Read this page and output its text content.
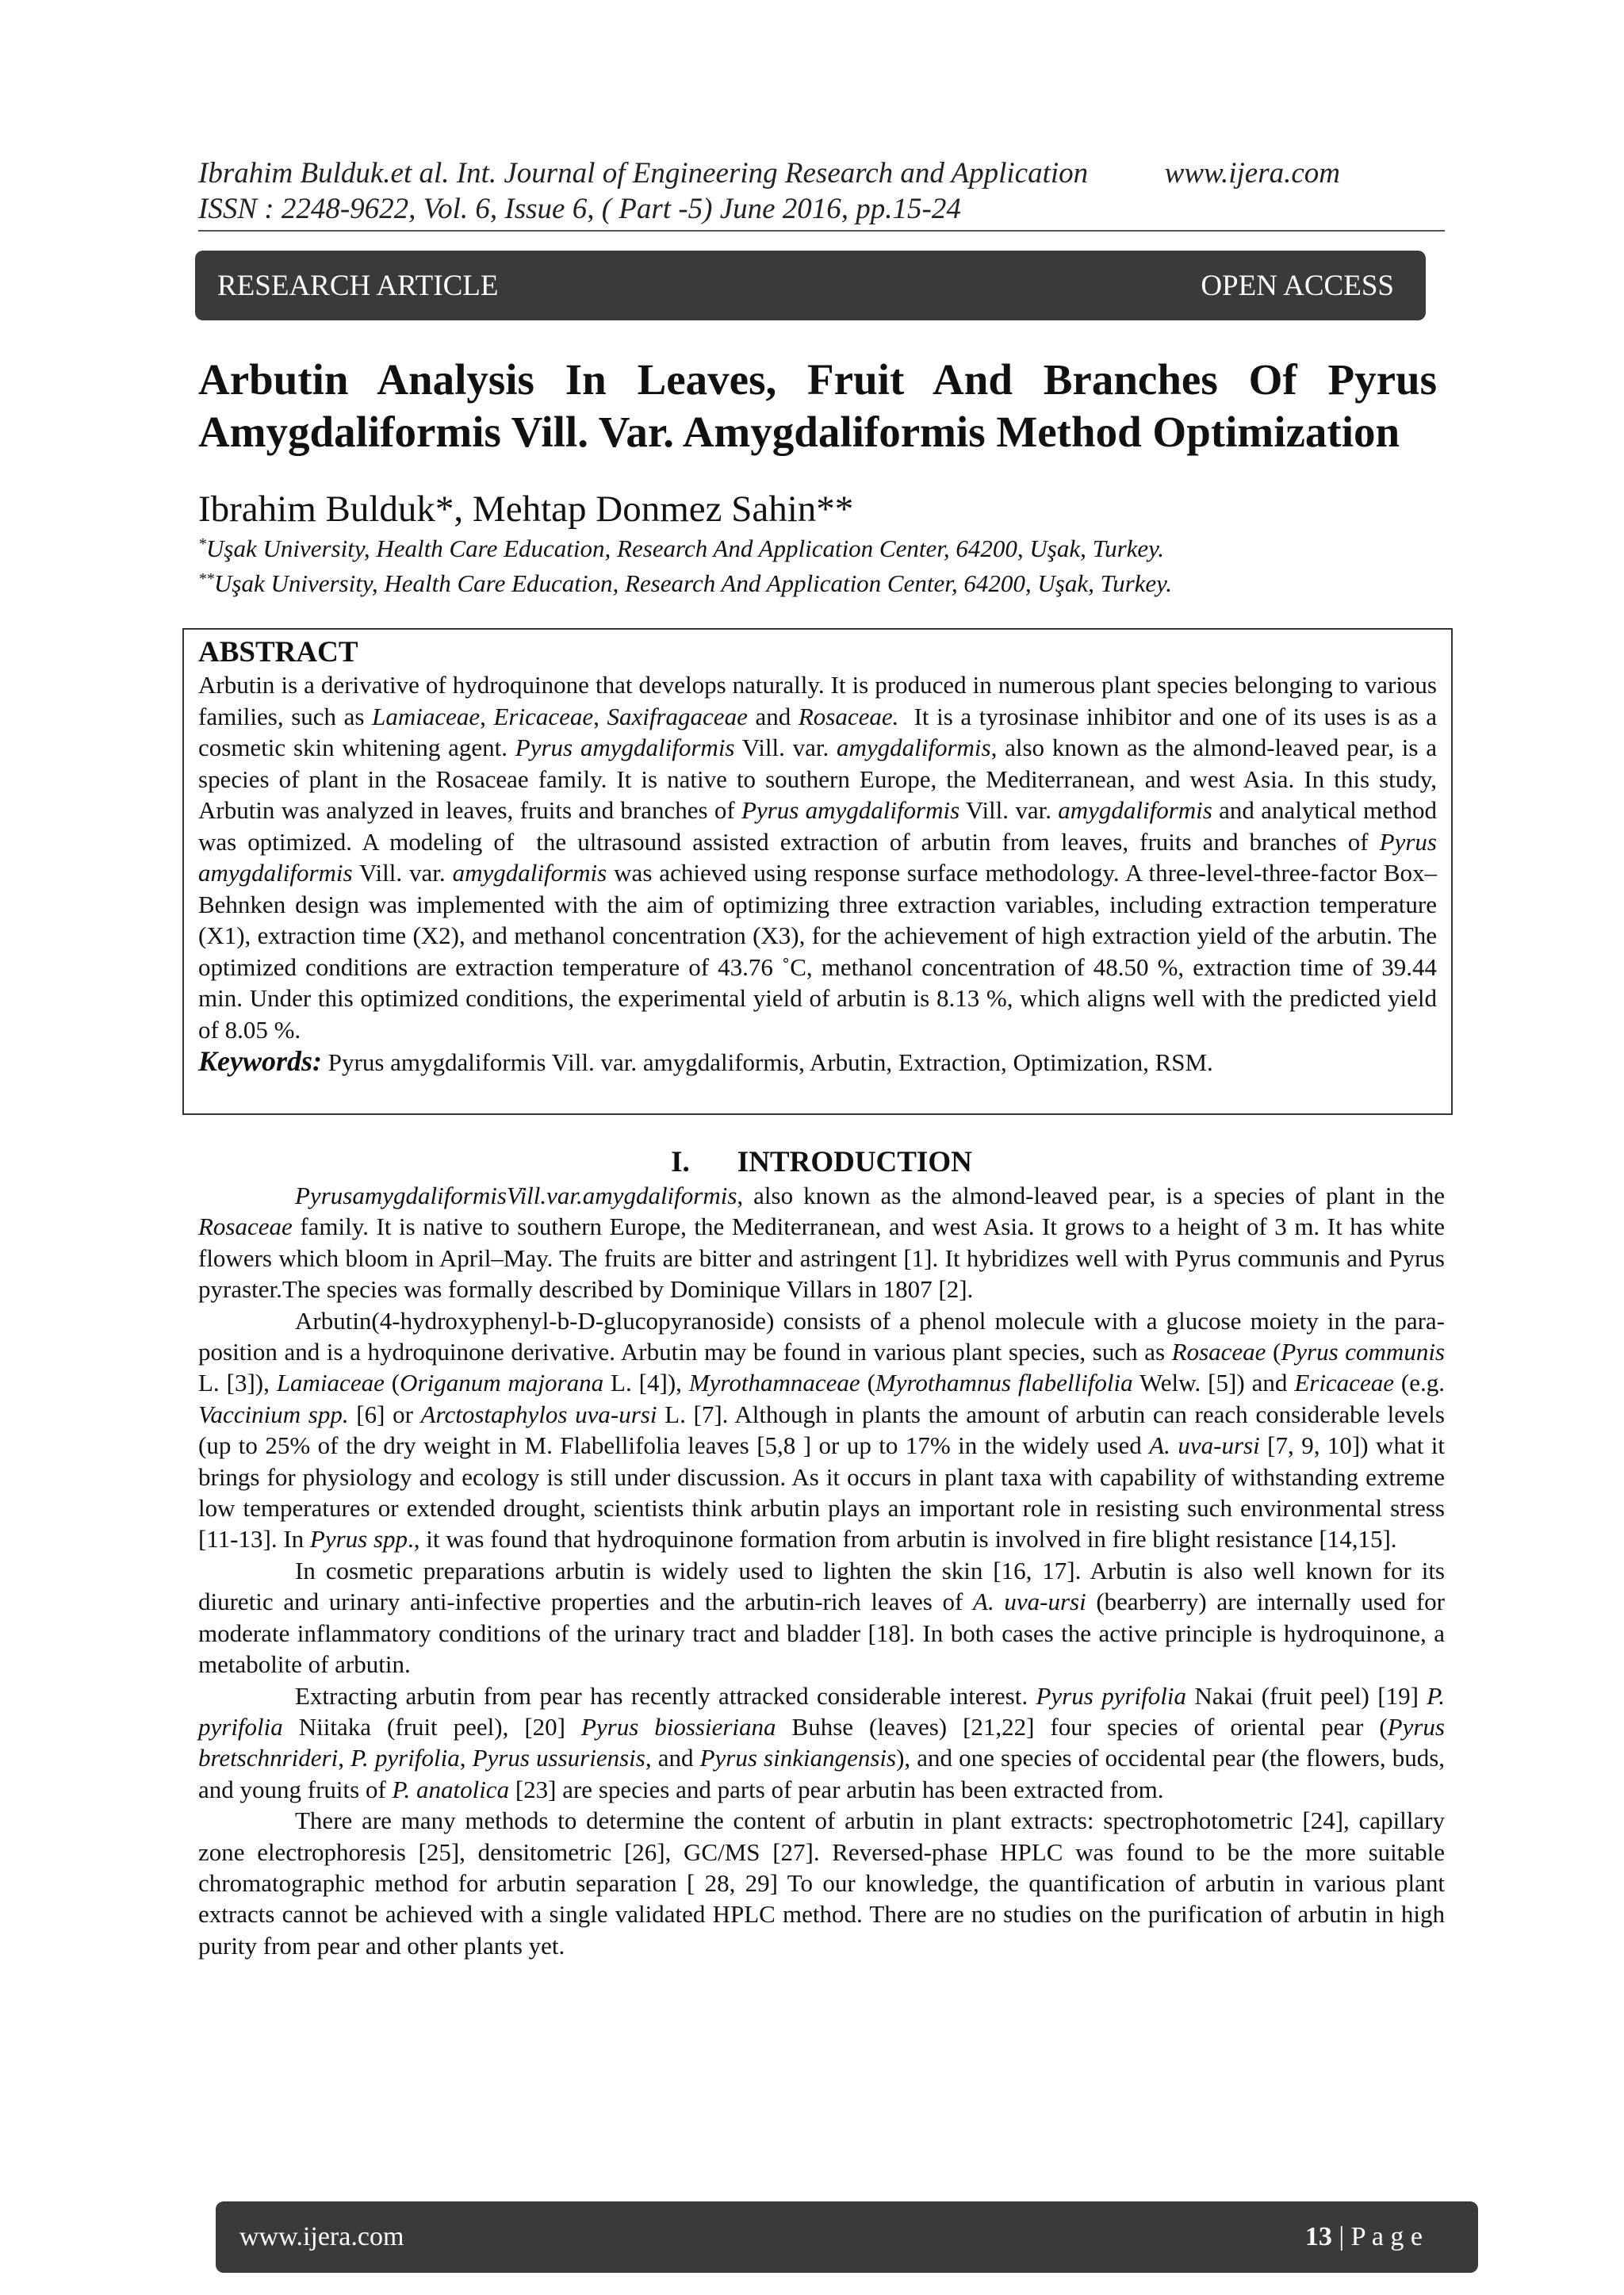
Ibrahim Bulduk.et al. Int. Journal of Engineering Research and Application	www.ijera.com
ISSN : 2248-9622, Vol. 6, Issue 6, ( Part -5) June 2016, pp.15-24
RESEARCH ARTICLE	OPEN ACCESS
Arbutin Analysis In Leaves, Fruit And Branches Of Pyrus
Amygdaliformis Vill. Var. Amygdaliformis Method Optimization
Ibrahim Bulduk*, Mehtap Donmez Sahin**
*Uşak University, Health Care Education, Research And Application Center, 64200, Uşak, Turkey.
**Uşak University, Health Care Education, Research And Application Center, 64200, Uşak, Turkey.
ABSTRACT
Arbutin is a derivative of hydroquinone that develops naturally. It is produced in numerous plant species belonging to various families, such as Lamiaceae, Ericaceae, Saxifragaceae and Rosaceae.  It is a tyrosinase inhibitor and one of its uses is as a cosmetic skin whitening agent. Pyrus amygdaliformis Vill. var. amygdaliformis, also known as the almond-leaved pear, is a species of plant in the Rosaceae family. It is native to southern Europe, the Mediterranean, and west Asia. In this study, Arbutin was analyzed in leaves, fruits and branches of Pyrus amygdaliformis Vill. var. amygdaliformis and analytical method was optimized. A modeling of  the ultrasound assisted extraction of arbutin from leaves, fruits and branches of Pyrus amygdaliformis Vill. var. amygdaliformis was achieved using response surface methodology. A three-level-three-factor Box–Behnken design was implemented with the aim of optimizing three extraction variables, including extraction temperature (X1), extraction time (X2), and methanol concentration (X3), for the achievement of high extraction yield of the arbutin. The optimized conditions are extraction temperature of 43.76 ˚C, methanol concentration of 48.50 %, extraction time of 39.44 min. Under this optimized conditions, the experimental yield of arbutin is 8.13 %, which aligns well with the predicted yield of 8.05 %.
Keywords: Pyrus amygdaliformis Vill. var. amygdaliformis, Arbutin, Extraction, Optimization, RSM.
I. INTRODUCTION

PyrusamygdaliformisVill.var.amygdaliformis, also known as the almond-leaved pear, is a species of plant in the Rosaceae family. It is native to southern Europe, the Mediterranean, and west Asia. It grows to a height of 3 m. It has white flowers which bloom in April–May. The fruits are bitter and astringent [1]. It hybridizes well with Pyrus communis and Pyrus pyraster.The species was formally described by Dominique Villars in 1807 [2].

Arbutin(4-hydroxyphenyl-b-D-glucopyranoside) consists of a phenol molecule with a glucose moiety in the para-position and is a hydroquinone derivative. Arbutin may be found in various plant species, such as Rosaceae (Pyrus communis L. [3]), Lamiaceae (Origanum majorana L. [4]), Myrothamnaceae (Myrothamnus flabellifolia Welw. [5]) and Ericaceae (e.g. Vaccinium spp. [6] or Arctostaphylos uva-ursi L. [7]. Although in plants the amount of arbutin can reach considerable levels (up to 25% of the dry weight in M. Flabellifolia leaves [5,8 ] or up to 17% in the widely used A. uva-ursi [7, 9, 10]) what it brings for physiology and ecology is still under discussion. As it occurs in plant taxa with capability of withstanding extreme low temperatures or extended drought, scientists think arbutin plays an important role in resisting such environmental stress [11-13]. In Pyrus spp., it was found that hydroquinone formation from arbutin is involved in fire blight resistance [14,15].

In cosmetic preparations arbutin is widely used to lighten the skin [16, 17]. Arbutin is also well known for its diuretic and urinary anti-infective properties and the arbutin-rich leaves of A. uva-ursi (bearberry) are internally used for moderate inflammatory conditions of the urinary tract and bladder [18]. In both cases the active principle is hydroquinone, a metabolite of arbutin.

Extracting arbutin from pear has recently attracked considerable interest. Pyrus pyrifolia Nakai (fruit peel) [19] P. pyrifolia Niitaka (fruit peel), [20] Pyrus biossieriana Buhse (leaves) [21,22] four species of oriental pear (Pyrus bretschnrideri, P. pyrifolia, Pyrus ussuriensis, and Pyrus sinkiangensis), and one species of occidental pear (the flowers, buds, and young fruits of P. anatolica [23] are species and parts of pear arbutin has been extracted from.

There are many methods to determine the content of arbutin in plant extracts: spectrophotometric [24], capillary zone electrophoresis [25], densitometric [26], GC/MS [27]. Reversed-phase HPLC was found to be the more suitable chromatographic method for arbutin separation [ 28, 29] To our knowledge, the quantification of arbutin in various plant extracts cannot be achieved with a single validated HPLC method. There are no studies on the purification of arbutin in high purity from pear and other plants yet.

www.ijera.com	13 | P a g e
